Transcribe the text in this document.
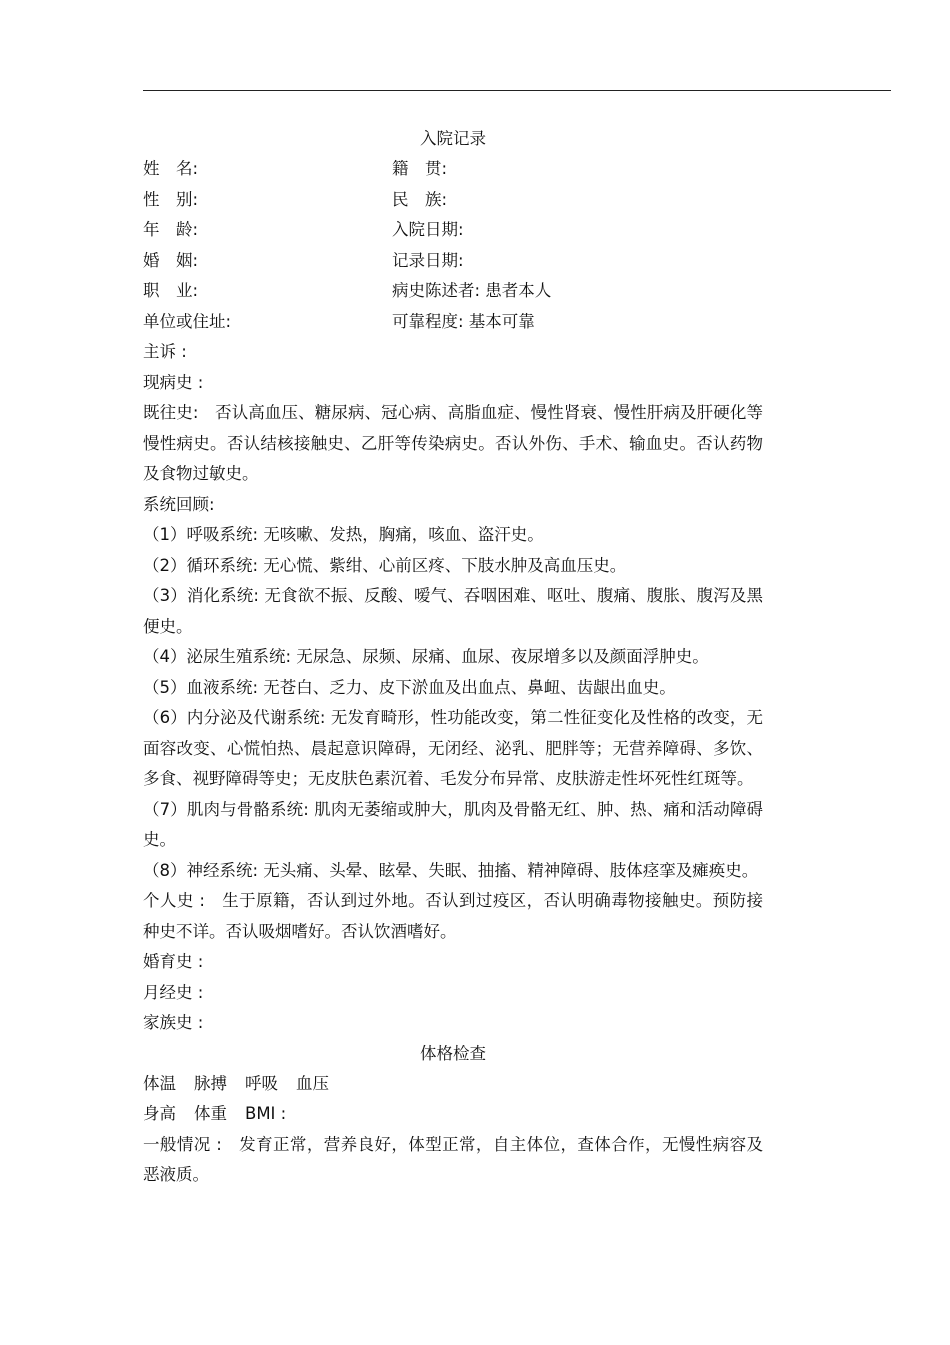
入院记录
姓　名:	籍　贯:
性　别:	民　族:
年　龄:	入院日期:
婚　姻:	记录日期:
职　业:	病史陈述者: 患者本人
单位或住址:	可靠程度: 基本可靠
主诉 :
现病史 :
既往史:　否认高血压、糖尿病、冠心病、高脂血症、慢性肾衰、慢性肝病及肝硬化等慢性病史。否认结核接触史、乙肝等传染病史。否认外伤、手术、输血史。否认药物及食物过敏史。
系统回顾:
（1）呼吸系统: 无咳嗽、发热，胸痛，咳血、盗汗史。
（2）循环系统: 无心慌、紫绀、心前区疼、下肢水肿及高血压史。
（3）消化系统: 无食欲不振、反酸、嗳气、吞咽困难、呕吐、腹痛、腹胀、腹泻及黑便史。
（4）泌尿生殖系统: 无尿急、尿频、尿痛、血尿、夜尿增多以及颜面浮肿史。
（5）血液系统: 无苍白、乏力、皮下淤血及出血点、鼻衄、齿龈出血史。
（6）内分泌及代谢系统: 无发育畸形，性功能改变，第二性征变化及性格的改变，无面容改变、心慌怕热、晨起意识障碍，无闭经、泌乳、肥胖等；无营养障碍、多饮、多食、视野障碍等史；无皮肤色素沉着、毛发分布异常、皮肤游走性坏死性红斑等。
（7）肌肉与骨骼系统: 肌肉无萎缩或肿大，肌肉及骨骼无红、肿、热、痛和活动障碍史。
（8）神经系统: 无头痛、头晕、眩晕、失眠、抽搐、精神障碍、肢体痉挛及瘫痪史。
个人史 :　生于原籍，否认到过外地。否认到过疫区，否认明确毒物接触史。预防接种史不详。否认吸烟嗜好。否认饮酒嗜好。
婚育史 :
月经史 :
家族史 :
体格检查
体温 脉搏 呼吸 血压
身高 体重 BMI :
一般情况 :　发育正常，营养良好，体型正常，自主体位，查体合作，无慢性病容及恶液质。
